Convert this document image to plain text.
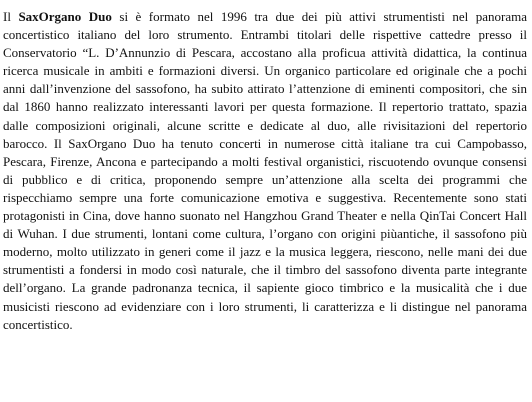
Il SaxOrgano Duo si è formato nel 1996 tra due dei più attivi strumentisti nel panorama concertistico italiano del loro strumento. Entrambi titolari delle rispettive cattedre presso il Conservatorio “L. D’Annunzio di Pescara, accostano alla proficua attività didattica, la continua ricerca musicale in ambiti e formazioni diversi. Un organico particolare ed originale che a pochi anni dall’invenzione del sassofono, ha subito attirato l’attenzione di eminenti compositori, che sin dal 1860 hanno realizzato interessanti lavori per questa formazione. Il repertorio trattato, spazia dalle composizioni originali, alcune scritte e dedicate al duo, alle rivisitazioni del repertorio barocco. Il SaxOrgano Duo ha tenuto concerti in numerose città italiane tra cui Campobasso, Pescara, Firenze, Ancona e partecipando a molti festival organistici, riscuotendo ovunque consensi di pubblico e di critica, proponendo sempre un’attenzione alla scelta dei programmi che rispecchiamo sempre una forte comunicazione emotiva e suggestiva. Recentemente sono stati protagonisti in Cina, dove hanno suonato nel Hangzhou Grand Theater e nella QinTai Concert Hall di Wuhan. I due strumenti, lontani come cultura, l’organo con origini piùantiche, il sassofono più moderno, molto utilizzato in generi come il jazz e la musica leggera, riescono, nelle mani dei due strumentisti a fondersi in modo così naturale, che il timbro del sassofono diventa parte integrante dell’organo. La grande padronanza tecnica, il sapiente gioco timbrico e la musicalità che i due musicisti riescono ad evidenziare con i loro strumenti, li caratterizza e li distingue nel panorama concertistico.
